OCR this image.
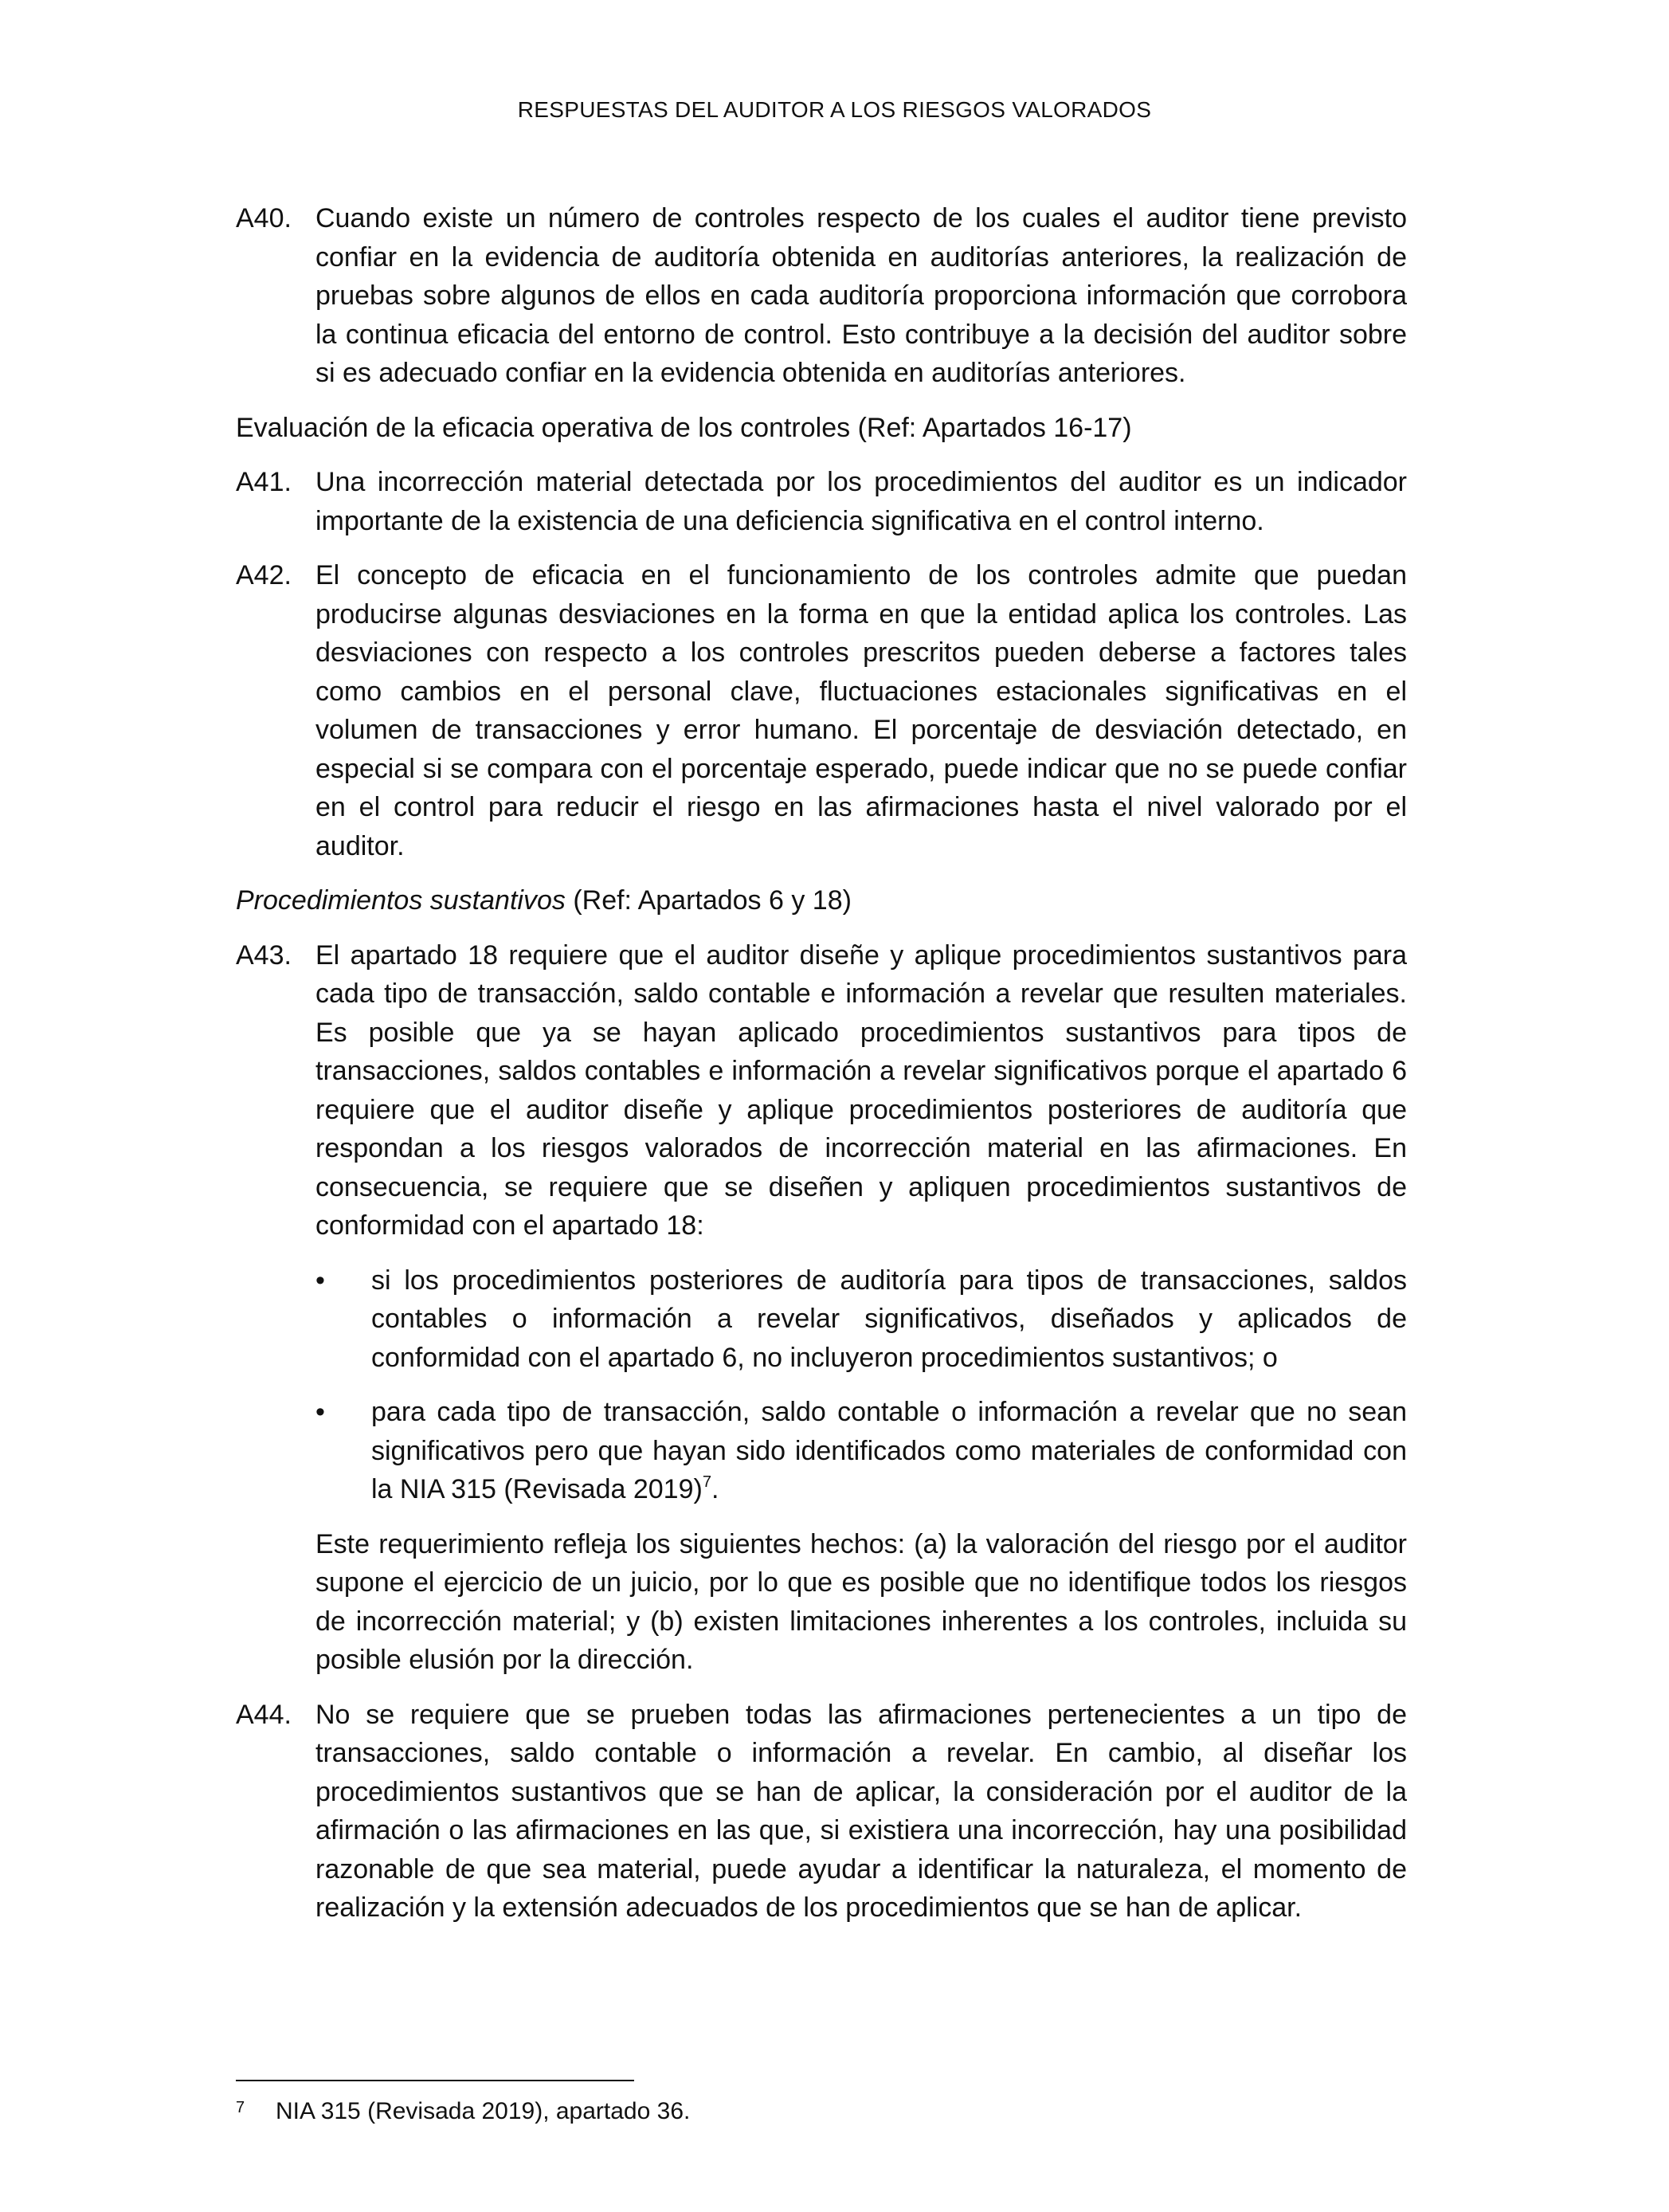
RESPUESTAS DEL AUDITOR A LOS RIESGOS VALORADOS
A40. Cuando existe un número de controles respecto de los cuales el auditor tiene previsto confiar en la evidencia de auditoría obtenida en auditorías anteriores, la realización de pruebas sobre algunos de ellos en cada auditoría proporciona información que corrobora la continua eficacia del entorno de control. Esto contribuye a la decisión del auditor sobre si es adecuado confiar en la evidencia obtenida en auditorías anteriores.
Evaluación de la eficacia operativa de los controles (Ref: Apartados 16-17)
A41. Una incorrección material detectada por los procedimientos del auditor es un indicador importante de la existencia de una deficiencia significativa en el control interno.
A42. El concepto de eficacia en el funcionamiento de los controles admite que puedan producirse algunas desviaciones en la forma en que la entidad aplica los controles. Las desviaciones con respecto a los controles prescritos pueden deberse a factores tales como cambios en el personal clave, fluctuaciones estacionales significativas en el volumen de transacciones y error humano. El porcentaje de desviación detectado, en especial si se compara con el porcentaje esperado, puede indicar que no se puede confiar en el control para reducir el riesgo en las afirmaciones hasta el nivel valorado por el auditor.
Procedimientos sustantivos (Ref: Apartados 6 y 18)
A43. El apartado 18 requiere que el auditor diseñe y aplique procedimientos sustantivos para cada tipo de transacción, saldo contable e información a revelar que resulten materiales. Es posible que ya se hayan aplicado procedimientos sustantivos para tipos de transacciones, saldos contables e información a revelar significativos porque el apartado 6 requiere que el auditor diseñe y aplique procedimientos posteriores de auditoría que respondan a los riesgos valorados de incorrección material en las afirmaciones. En consecuencia, se requiere que se diseñen y apliquen procedimientos sustantivos de conformidad con el apartado 18:
•	si los procedimientos posteriores de auditoría para tipos de transacciones, saldos contables o información a revelar significativos, diseñados y aplicados de conformidad con el apartado 6, no incluyeron procedimientos sustantivos; o
•	para cada tipo de transacción, saldo contable o información a revelar que no sean significativos pero que hayan sido identificados como materiales de conformidad con la NIA 315 (Revisada 2019)$^7$.
Este requerimiento refleja los siguientes hechos: (a) la valoración del riesgo por el auditor supone el ejercicio de un juicio, por lo que es posible que no identifique todos los riesgos de incorrección material; y (b) existen limitaciones inherentes a los controles, incluida su posible elusión por la dirección.
A44. No se requiere que se prueben todas las afirmaciones pertenecientes a un tipo de transacciones, saldo contable o información a revelar. En cambio, al diseñar los procedimientos sustantivos que se han de aplicar, la consideración por el auditor de la afirmación o las afirmaciones en las que, si existiera una incorrección, hay una posibilidad razonable de que sea material, puede ayudar a identificar la naturaleza, el momento de realización y la extensión adecuados de los procedimientos que se han de aplicar.
7	NIA 315 (Revisada 2019), apartado 36.
